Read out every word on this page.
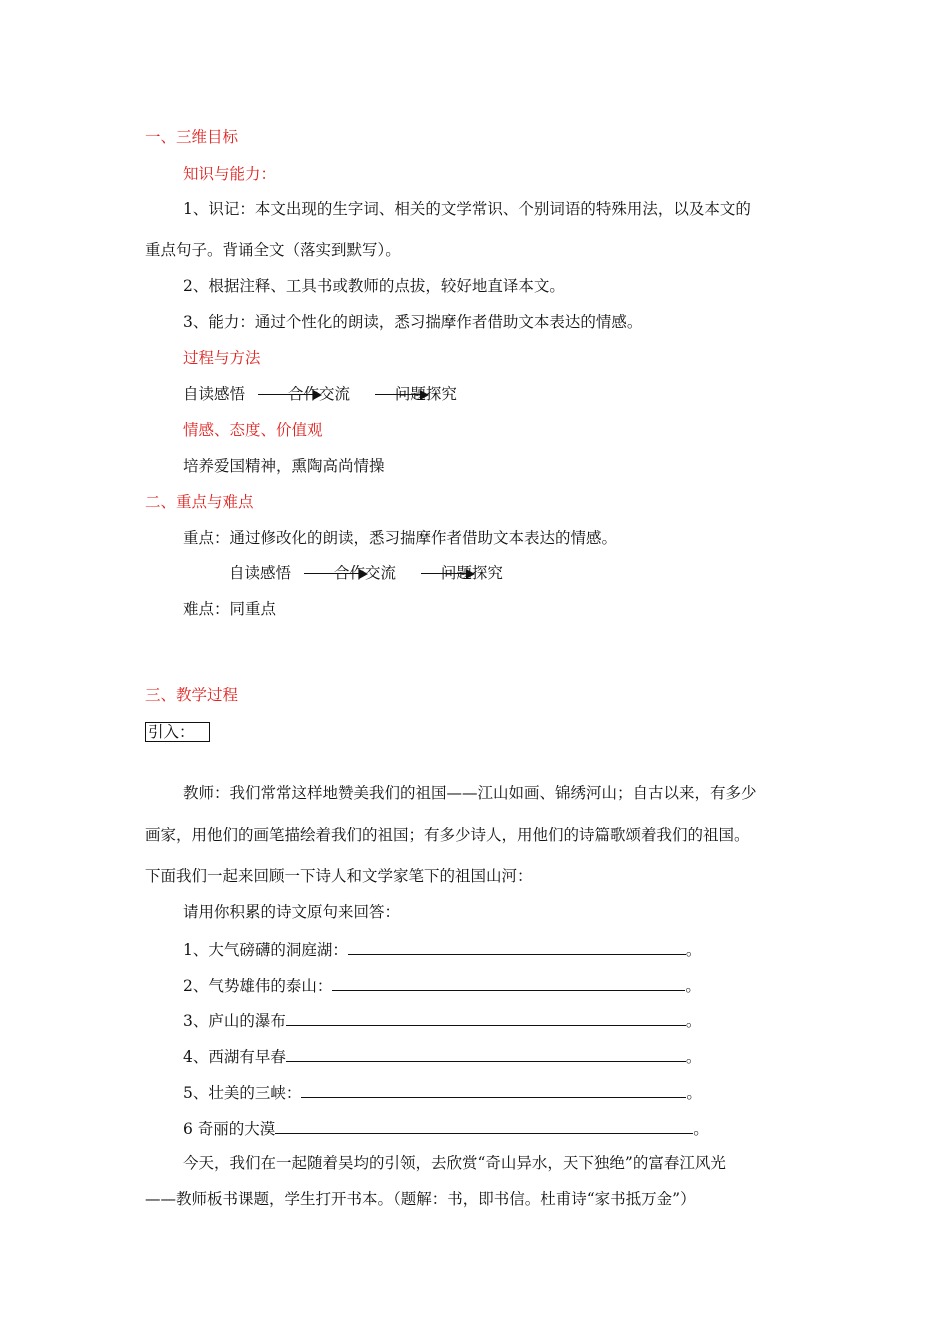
一、三维目标
知识与能力：
1、识记：本文出现的生字词、相关的文学常识、个别词语的特殊用法，以及本文的
重点句子。背诵全文（落实到默写）。
2、根据注释、工具书或教师的点拔，较好地直译本文。
3、能力：通过个性化的朗读，悉习揣摩作者借助文本表达的情感。
过程与方法
自读感悟	合作交流	问题探究
情感、态度、价值观
培养爱国精神，熏陶高尚情操
二、重点与难点
重点：通过修改化的朗读，悉习揣摩作者借助文本表达的情感。
自读感悟	合作交流	问题探究
难点：同重点
三、教学过程
引入：
教师：我们常常这样地赞美我们的祖国——江山如画、锦绣河山；自古以来，有多少
画家，用他们的画笔描绘着我们的祖国；有多少诗人，用他们的诗篇歌颂着我们的祖国。
下面我们一起来回顾一下诗人和文学家笔下的祖国山河：
请用你积累的诗文原句来回答：
1、大气磅礴的洞庭湖：	。
2、气势雄伟的泰山：	。
3、庐山的瀑布	。
4、西湖有早春	。
5、壮美的三峡：	。
6 奇丽的大漠	。
今天，我们在一起随着吴均的引领，去欣赏“奇山异水，天下独绝”的富春江风光
——教师板书课题，学生打开书本。（题解：书，即书信。杜甫诗“家书抵万金”）
